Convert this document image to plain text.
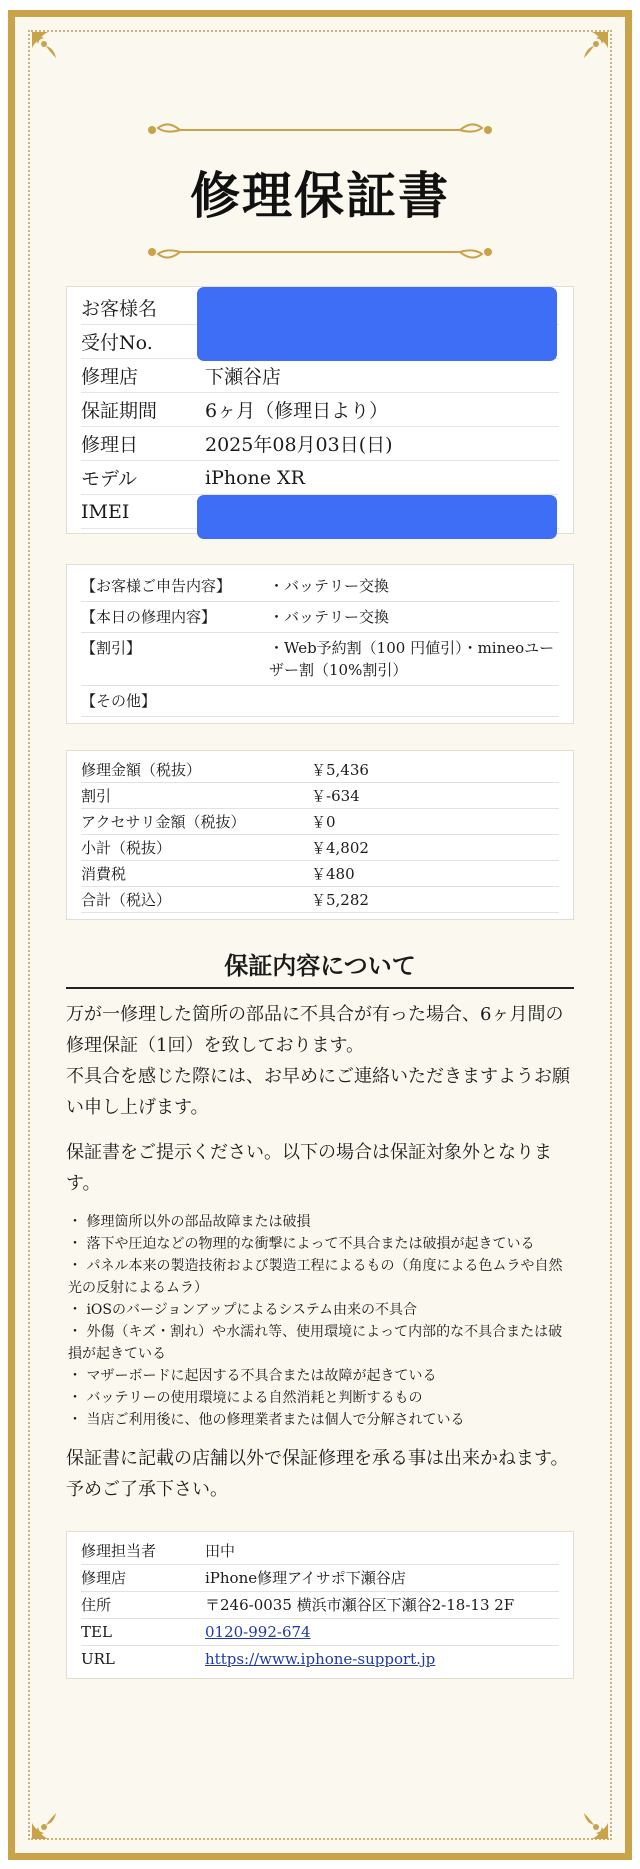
修理保証書
お客様名
受付No.
修理店	下瀬谷店
保証期間	6ヶ月（修理日より）
修理日	2025年08月03日(日)
モデル	iPhone XR
IMEI
【お客様ご申告内容】	・バッテリー交換
【本日の修理内容】	・バッテリー交換
【割引】	・Web予約割（100 円値引）・mineoユーザー割（10%割引）
【その他】
修理金額（税抜）	￥5,436
割引	￥-634
アクセサリ金額（税抜）	￥0
小計（税抜）	￥4,802
消費税	￥480
合計（税込）	￥5,282
保証内容について

万が一修理した箇所の部品に不具合が有った場合、6ヶ月間の修理保証（1回）を致しております。

不具合を感じた際には、お早めにご連絡いただきますようお願い申し上げます。

保証書をご提示ください。以下の場合は保証対象外となります。

・ 修理箇所以外の部品故障または破損
・ 落下や圧迫などの物理的な衝撃によって不具合または破損が起きている
・ パネル本来の製造技術および製造工程によるもの（角度による色ムラや自然光の反射によるムラ）
・ iOSのバージョンアップによるシステム由来の不具合
・ 外傷（キズ・割れ）や水濡れ等、使用環境によって内部的な不具合または破損が起きている
・ マザーボードに起因する不具合または故障が起きている
・ バッテリーの使用環境による自然消耗と判断するもの
・ 当店ご利用後に、他の修理業者または個人で分解されている

保証書に記載の店舗以外で保証修理を承る事は出来かねます。予めご了承下さい。

修理担当者	田中
修理店	iPhone修理アイサポ下瀬谷店
住所	〒246-0035 横浜市瀬谷区下瀬谷2-18-13 2F
TEL	0120-992-674
URL	https://www.iphone-support.jp
